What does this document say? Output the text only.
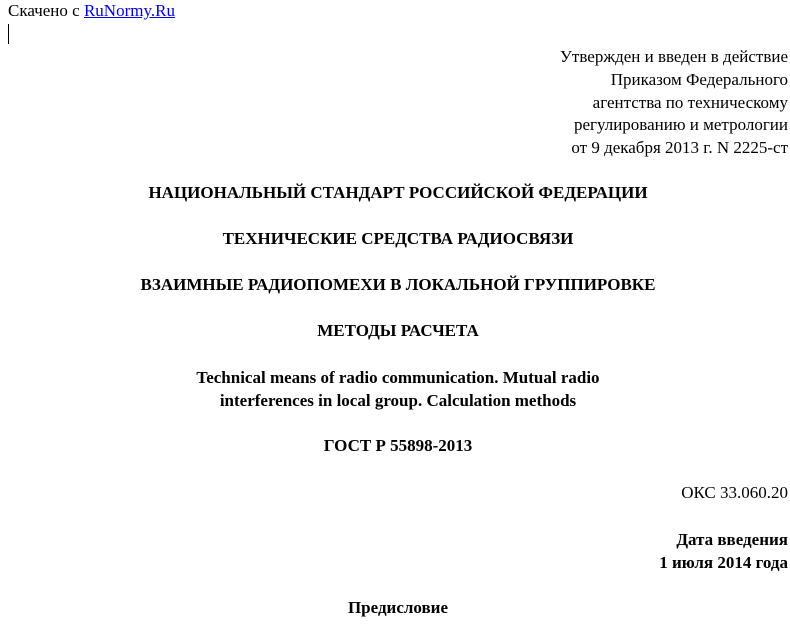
Скачено с RuNormy.Ru
Утвержден и введен в действие
Приказом Федерального
агентства по техническому
регулированию и метрологии
от 9 декабря 2013 г. N 2225-ст
НАЦИОНАЛЬНЫЙ СТАНДАРТ РОССИЙСКОЙ ФЕДЕРАЦИИ
ТЕХНИЧЕСКИЕ СРЕДСТВА РАДИОСВЯЗИ
ВЗАИМНЫЕ РАДИОПОМЕХИ В ЛОКАЛЬНОЙ ГРУППИРОВКЕ
МЕТОДЫ РАСЧЕТА
Technical means of radio communication. Mutual radio
interferences in local group. Calculation methods
ГОСТ Р 55898-2013
ОКС 33.060.20
Дата введения
1 июля 2014 года
Предисловие
